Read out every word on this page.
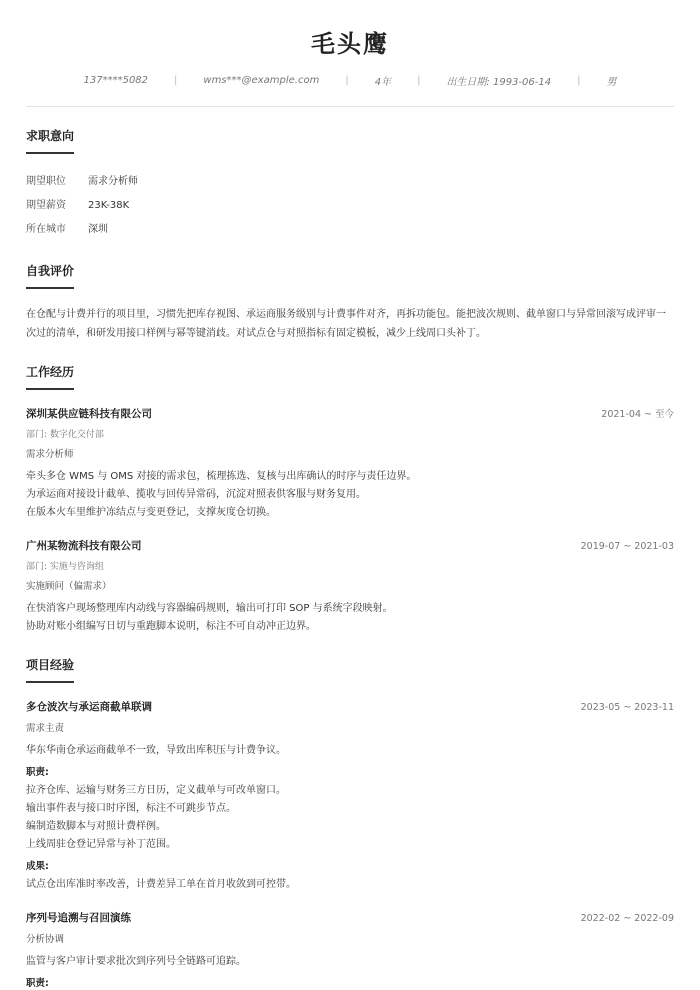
毛头鹰
137****5082	|	wms***@example.com	|	4年	|	出生日期: 1993-06-14	|	男
求职意向
期望职位	需求分析师
期望薪资	23K-38K
所在城市	深圳
自我评价
在仓配与计费并行的项目里，习惯先把库存视图、承运商服务级别与计费事件对齐，再拆功能包。能把波次规则、截单窗口与异常回滚写成评审一次过的清单，和研发用接口样例与幂等键消歧。对试点仓与对照指标有固定模板，减少上线周口头补丁。
工作经历
深圳某供应链科技有限公司	2021-04 ~ 至今
部门: 数字化交付部
需求分析师
牵头多仓 WMS 与 OMS 对接的需求包，梳理拣选、复核与出库确认的时序与责任边界。
为承运商对接设计截单、揽收与回传异常码，沉淀对照表供客服与财务复用。
在版本火车里维护冻结点与变更登记，支撑灰度仓切换。
广州某物流科技有限公司	2019-07 ~ 2021-03
部门: 实施与咨询组
实施顾问（偏需求）
在快消客户现场整理库内动线与容器编码规则，输出可打印 SOP 与系统字段映射。
协助对账小组编写日切与重跑脚本说明，标注不可自动冲正边界。
项目经验
多仓波次与承运商截单联调	2023-05 ~ 2023-11
需求主责
华东华南仓承运商截单不一致，导致出库积压与计费争议。
职责:
拉齐仓库、运输与财务三方日历，定义截单与可改单窗口。
输出事件表与接口时序图，标注不可跳步节点。
编制造数脚本与对照计费样例。
上线周驻仓登记异常与补丁范围。
成果:
试点仓出库准时率改善，计费差异工单在首月收敛到可控带。
序列号追溯与召回演练	2022-02 ~ 2022-09
分析协调
监管与客户审计要求批次到序列号全链路可追踪。
职责:
